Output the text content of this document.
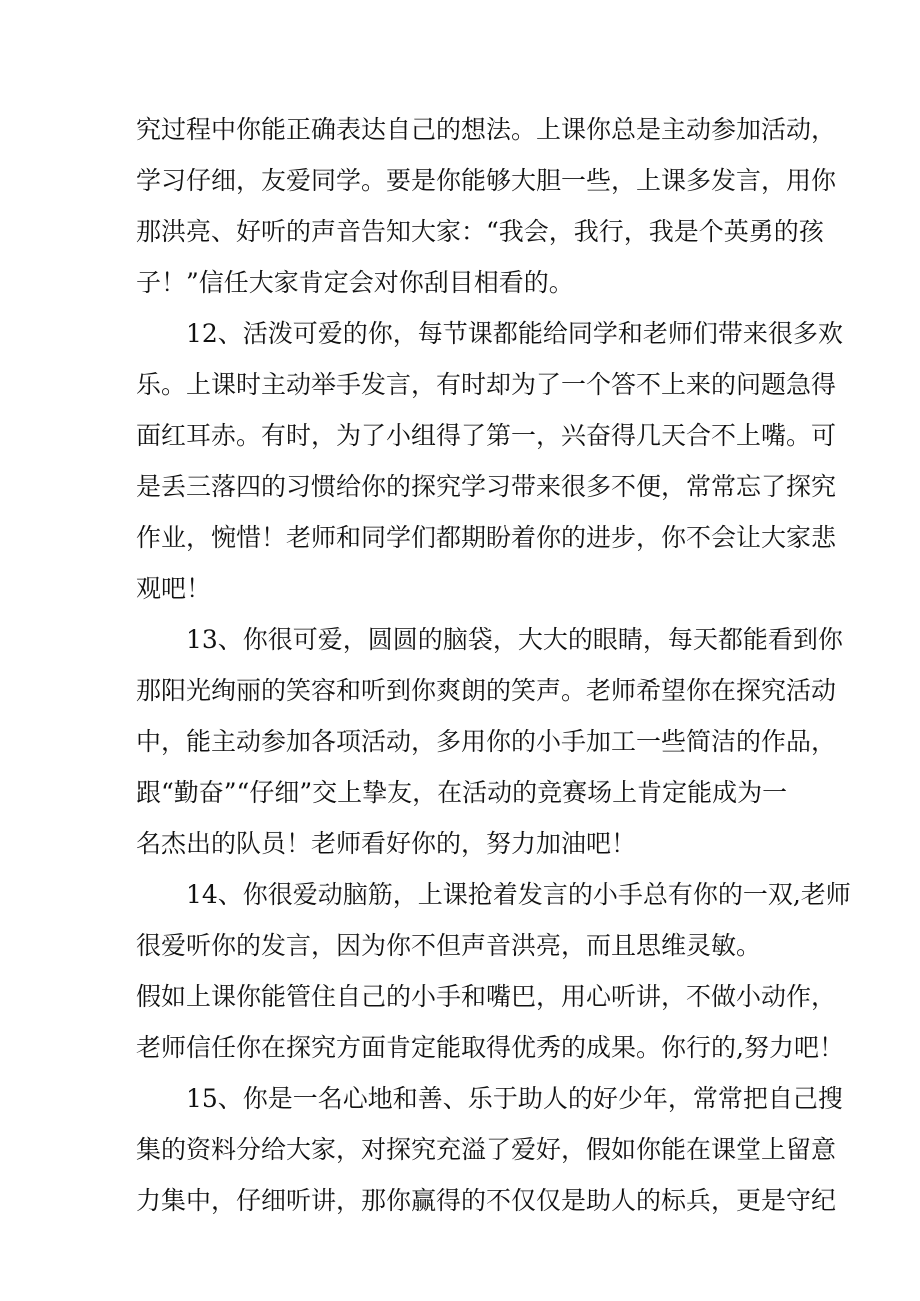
究过程中你能正确表达自己的想法。上课你总是主动参加活动，
学习仔细，友爱同学。要是你能够大胆一些，上课多发言，用你
那洪亮、好听的声音告知大家：“我会，我行，我是个英勇的孩
子！”信任大家肯定会对你刮目相看的。
12、活泼可爱的你，每节课都能给同学和老师们带来很多欢
乐。上课时主动举手发言，有时却为了一个答不上来的问题急得
面红耳赤。有时，为了小组得了第一，兴奋得几天合不上嘴。可
是丢三落四的习惯给你的探究学习带来很多不便，常常忘了探究
作业，惋惜！老师和同学们都期盼着你的进步，你不会让大家悲
观吧！
13、你很可爱，圆圆的脑袋，大大的眼睛，每天都能看到你
那阳光绚丽的笑容和听到你爽朗的笑声。老师希望你在探究活动
中，能主动参加各项活动，多用你的小手加工一些简洁的作品，
跟“勤奋”“仔细”交上挚友，在活动的竞赛场上肯定能成为一
名杰出的队员！老师看好你的，努力加油吧！
14、你很爱动脑筋，上课抢着发言的小手总有你的一双,老师
很爱听你的发言，因为你不但声音洪亮，而且思维灵敏。
假如上课你能管住自己的小手和嘴巴，用心听讲，不做小动作，
老师信任你在探究方面肯定能取得优秀的成果。你行的,努力吧！
15、你是一名心地和善、乐于助人的好少年，常常把自己搜
集的资料分给大家，对探究充溢了爱好，假如你能在课堂上留意
力集中，仔细听讲，那你赢得的不仅仅是助人的标兵，更是守纪
